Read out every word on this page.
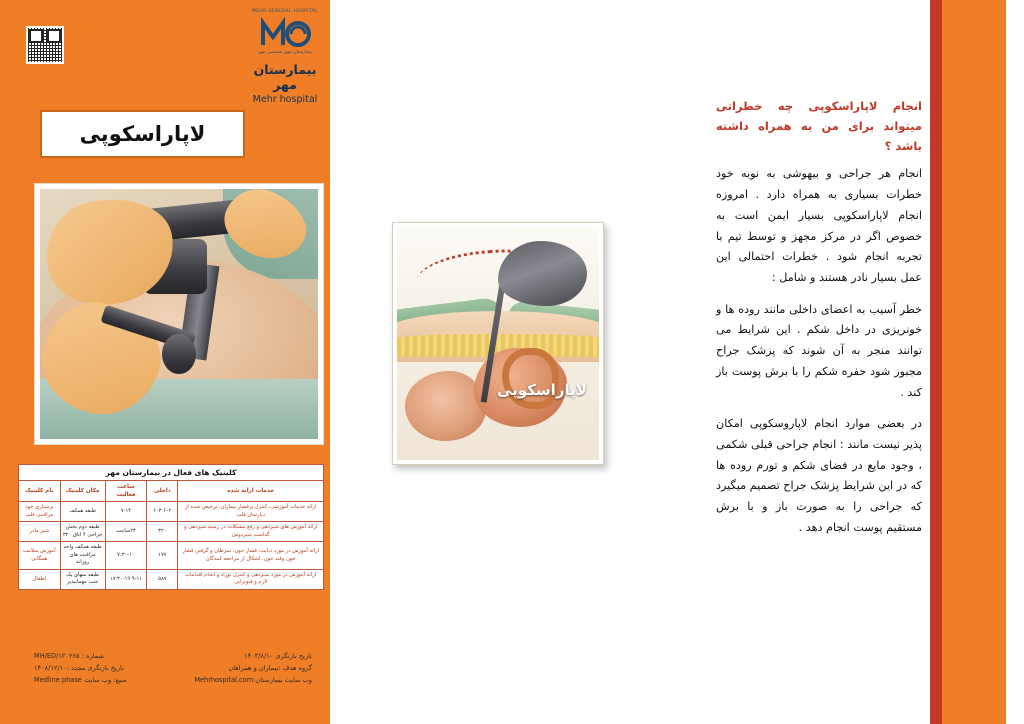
MEHR GENERAL HOSPITAL
بیمارستان فوق تخصصی مهر
بیمارستان مهر
Mehr hospital
لاپاراسکوپی
کلینیک های فعال در بیمارستان مهر
خدمات ارایه شده	داخلی	ساعت فعالیت	مکان کلینیک	نام کلینیک
ارائه خدمات آموزشی، کنترل پرفشار بیماران، ترخیص شده از دپارتمان قلب	۶۰۲ ۶۰۳	۷-۱۴	طبقه همکف	پرستاری خود مراقبتی قلب
ارائه آموزش های شیردهی و رفع مشکلات در زمینه شیردهی و گذاشت شیردوش	۳۲۰	۲۴ساعت	طبقه دوم بخش جراحی ۴ اتاق ۳۲۰	شیر مادر
ارائه آموزش در مورد دیابت، فشار خون، سرطان و گرفتن فشار خون وقند خون، اشکال از مراجعه کنندگان	۱۷۷	۷:۳۰-۱۰	طبقه همکف واحد مراقبت های روزانه	آموزش سلامت همگانی
ارائه آموزش در مورد شیردهی و کنترل نوزاد و انجام اقدامات لازم و فتوتراپی	۵۸۷	۹-۱۱ ۱۷:۳۰-۱۹	طبقه منهای یک جنب مهمانپذیر	اطفال
تاریخ بازنگری ۱۴۰۳/۸/۱۰
شماره : MH/ED/۱۳۰۲۶۵
گروه هدف :بیماران و همراهان
تاریخ بازنگری مجدد :۱۴۰۸/۱۲/۱۰
وب سایت بیمارستان:Mehrhospital.com
منبع: وب سایت Medline phase
لاپاراسکوپی
انجام لاپاراسکوپی چه خطراتی میتواند برای من به همراه داشته باشد ؟

انجام هر جراحی و بیهوشی به نوبه خود خطرات بسیاری به همراه دارد . امروزه انجام لاپاراسکوپی بسیار ایمن است به خصوص اگر در مرکز مجهز و توسط تیم با تجربه انجام شود . خطرات احتمالی این عمل بسیار نادر هستند و شامل :

خطر آسیب به اعضای داخلی مانند روده ها و خونریزی در داخل شکم . این شرایط می توانند منجر به آن شوند که پزشک جراح مجبور شود حفره شکم را با برش پوست باز کند .

در بعضی موارد انجام لاپاروسکوپی امکان پذیر نیست مانند : انجام جراحی قبلی شکمی ، وجود مایع در فضای شکم و تورم روده ها که در این شرایط پزشک جراح تصمیم میگیرد که جراحی را به صورت باز و با برش مستقیم پوست انجام دهد .
